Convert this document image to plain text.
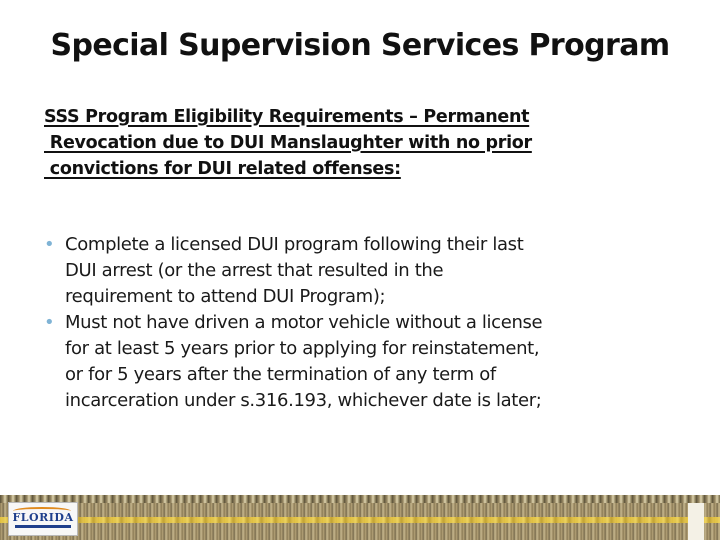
Special Supervision Services Program
SSS Program Eligibility Requirements – Permanent
Revocation due to DUI Manslaughter with no prior
convictions for DUI related offenses:
• Complete a licensed DUI program following their last
DUI arrest (or the arrest that resulted in the
requirement to attend DUI Program);
• Must not have driven a motor vehicle without a license
for at least 5 years prior to applying for reinstatement,
or for 5 years after the termination of any term of
incarceration under s.316.193, whichever date is later;
FLORIDA
